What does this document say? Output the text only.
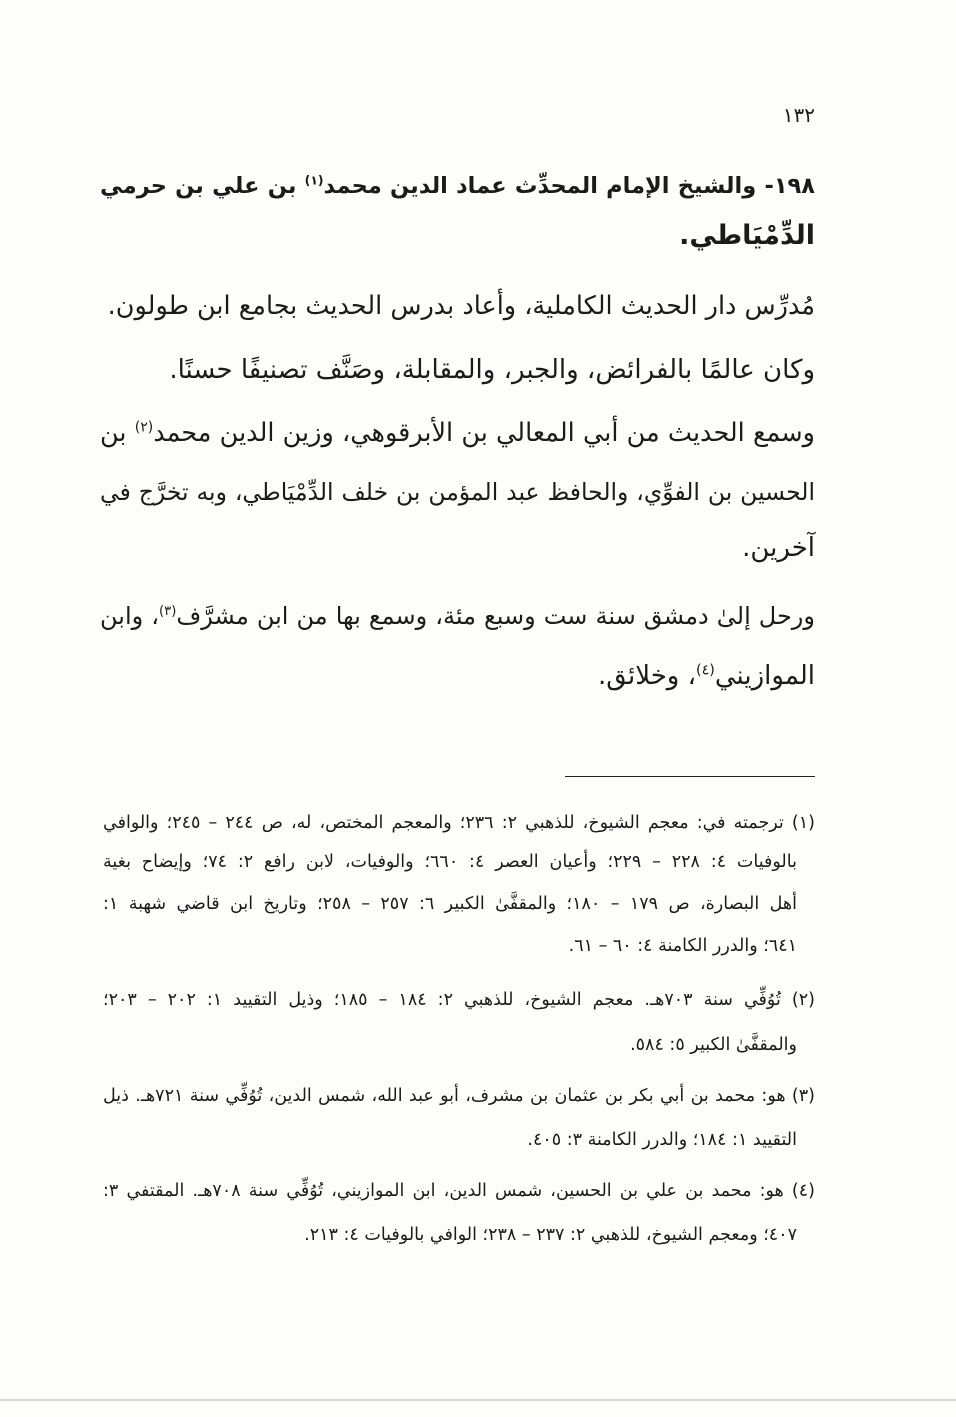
١٣٢
١٩٨- والشيخ الإمام المحدِّث عماد الدين محمد$^{(١)}$ بن علي بن حرمي
الدِّمْيَاطي.
مُدرِّس دار الحديث الكاملية، وأعاد بدرس الحديث بجامع ابن طولون.
وكان عالمًا بالفرائض، والجبر، والمقابلة، وصَنَّف تصنيفًا حسنًا.
وسمع الحديث من أبي المعالي بن الأبرقوهي، وزين الدين محمد$^{(٢)}$ بن
الحسين بن الفوِّي، والحافظ عبد المؤمن بن خلف الدِّمْيَاطي، وبه تخرَّج في
آخرين.
ورحل إلىٰ دمشق سنة ست وسبع مئة، وسمع بها من ابن مشرَّف$^{(٣)}$، وابن
الموازيني$^{(٤)}$، وخلائق.
(١) ترجمته في: معجم الشيوخ، للذهبي ٢: ٢٣٦؛ والمعجم المختص، له، ص ٢٤٤ – ٢٤٥؛ والوافي
بالوفيات ٤: ٢٢٨ – ٢٢٩؛ وأعيان العصر ٤: ٦٦٠؛ والوفيات، لابن رافع ٢: ٧٤؛ وإيضاح بغية
أهل البصارة، ص ١٧٩ – ١٨٠؛ والمقفَّىٰ الكبير ٦: ٢٥٧ – ٢٥٨؛ وتاريخ ابن قاضي شهبة ١:
٦٤١؛ والدرر الكامنة ٤: ٦٠ – ٦١.
(٢) تُوُفِّي سنة ٧٠٣هـ. معجم الشيوخ، للذهبي ٢: ١٨٤ – ١٨٥؛ وذيل التقييد ١: ٢٠٢ – ٢٠٣؛
والمقفَّىٰ الكبير ٥: ٥٨٤.
(٣) هو: محمد بن أبي بكر بن عثمان بن مشرف، أبو عبد الله، شمس الدين، تُوُفِّي سنة ٧٢١هـ. ذيل
التقييد ١: ١٨٤؛ والدرر الكامنة ٣: ٤٠٥.
(٤) هو: محمد بن علي بن الحسين، شمس الدين، ابن الموازيني، تُوُفِّي سنة ٧٠٨هـ. المقتفي ٣:
٤٠٧؛ ومعجم الشيوخ، للذهبي ٢: ٢٣٧ – ٢٣٨؛ الوافي بالوفيات ٤: ٢١٣.
